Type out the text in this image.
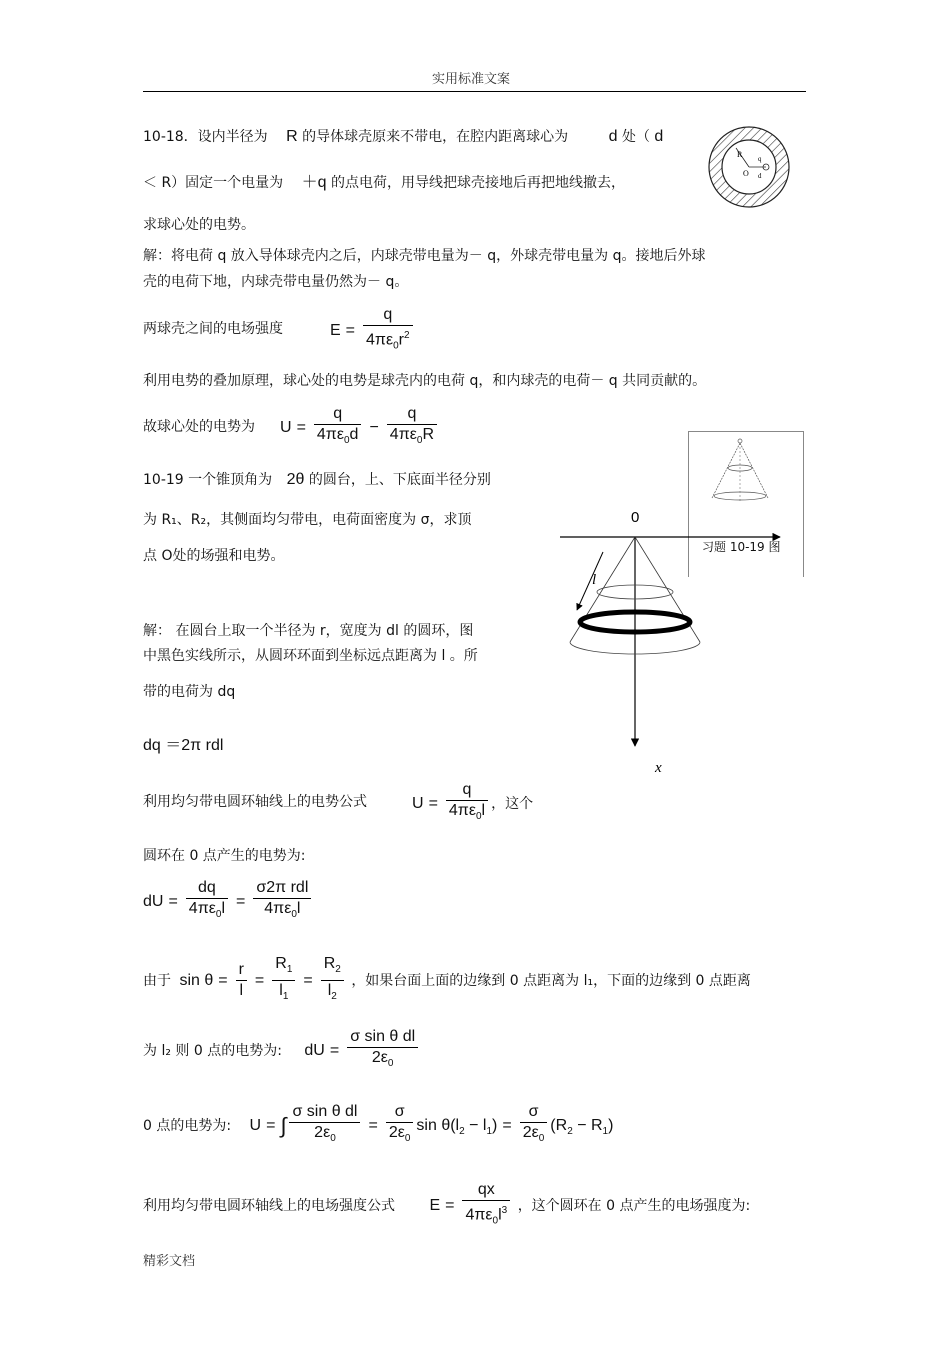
实用标准文案
10-18．设内半径为 R 的导体球壳原来不带电，在腔内距离球心为	d 处（ d
＜ R）固定一个电量为 ＋q 的点电荷，用导线把球壳接地后再把地线撤去，
求球心处的电势。
R q
O d
解：将电荷 q 放入导体球壳内之后，内球壳带电量为－ q，外球壳带电量为 q。接地后外球
壳的电荷下地，内球壳带电量仍然为－ q。
两球壳之间的电场强度	$E = \frac{q}{4\pi\varepsilon_0r^2}$
利用电势的叠加原理，球心处的电势是球壳内的电荷 q，和内球壳的电荷－ q 共同贡献的。
故球心处的电势为 $U = \frac{q}{4\pi\varepsilon_0d} - \frac{q}{4\pi\varepsilon_0R}$
10-19 一个锥顶角为 2θ 的圆台，上、下底面半径分别
为 R₁、R₂，其侧面均匀带电，电荷面密度为 σ，求顶
点 O处的场强和电势。
0
l
x
习题 10-19 图
解： 在圆台上取一个半径为 r，宽度为 dl 的圆环，图
中黑色实线所示，从圆环环面到坐标远点距离为 l 。所
带的电荷为 dq
dq ＝2π rdl
利用均匀带电圆环轴线上的电势公式	$U = \frac{q}{4\pi\varepsilon_0l}$ ，这个
圆环在 0 点产生的电势为:
dU = $\frac{dq}{4\pi\varepsilon_0l} = \frac{\text{σ2π rdl}}{4\pi\varepsilon_0l}$
由于 $\sin \theta = \frac{r}{l} = \frac{R_1}{l_1} = \frac{R_2}{l_2}$ ，如果台面上面的边缘到 0 点距离为 l₁，下面的边缘到 0 点距离
为 l₂ 则 0 点的电势为: dU = $\frac{\text{σ sin θ dl}}{2\varepsilon_0}$
0 点的电势为: U = ∫ $\frac{\text{σ sin θ dl}}{2\varepsilon_0} = \frac{\sigma}{2\varepsilon_0}$ $\sin \theta(l_2 - l_1) = \frac{\sigma}{2\varepsilon_0} (R_2 - R_1)$
利用均匀带电圆环轴线上的电场强度公式 $E = \frac{qx}{4\pi\varepsilon_0l^3}$ ，这个圆环在 0 点产生的电场强度为:
精彩文档
